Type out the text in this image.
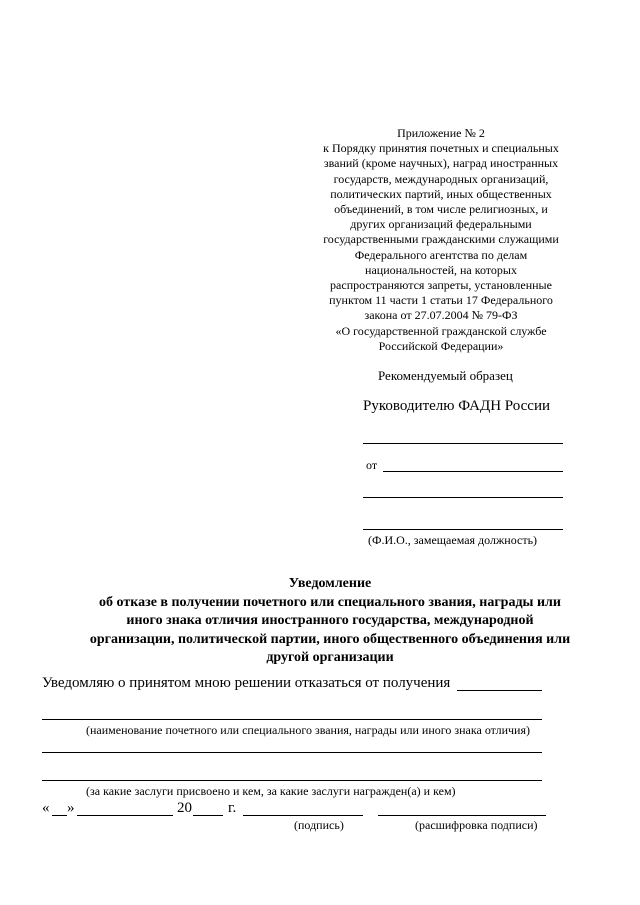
Приложение № 2
к Порядку принятия почетных и специальных
званий (кроме научных), наград иностранных
государств, международных организаций,
политических партий, иных общественных
объединений, в том числе религиозных, и
других организаций федеральными
государственными гражданскими служащими
Федерального агентства по делам
национальностей, на которых
распространяются запреты, установленные
пунктом 11 части 1 статьи 17 Федерального
закона от 27.07.2004 № 79-ФЗ
«О государственной гражданской службе
Российской Федерации»
Рекомендуемый образец
Руководителю ФАДН России
от
(Ф.И.О., замещаемая должность)
Уведомление
об отказе в получении почетного или специального звания, награды или
иного знака отличия иностранного государства, международной
организации, политической партии, иного общественного объединения или
другой организации
Уведомляю о принятом мною решении отказаться от получения
(наименование почетного или специального звания, награды или иного знака отличия)
(за какие заслуги присвоено и кем, за какие заслуги награжден(а) и кем)
« »	20 г.
(подпись)	(расшифровка подписи)
